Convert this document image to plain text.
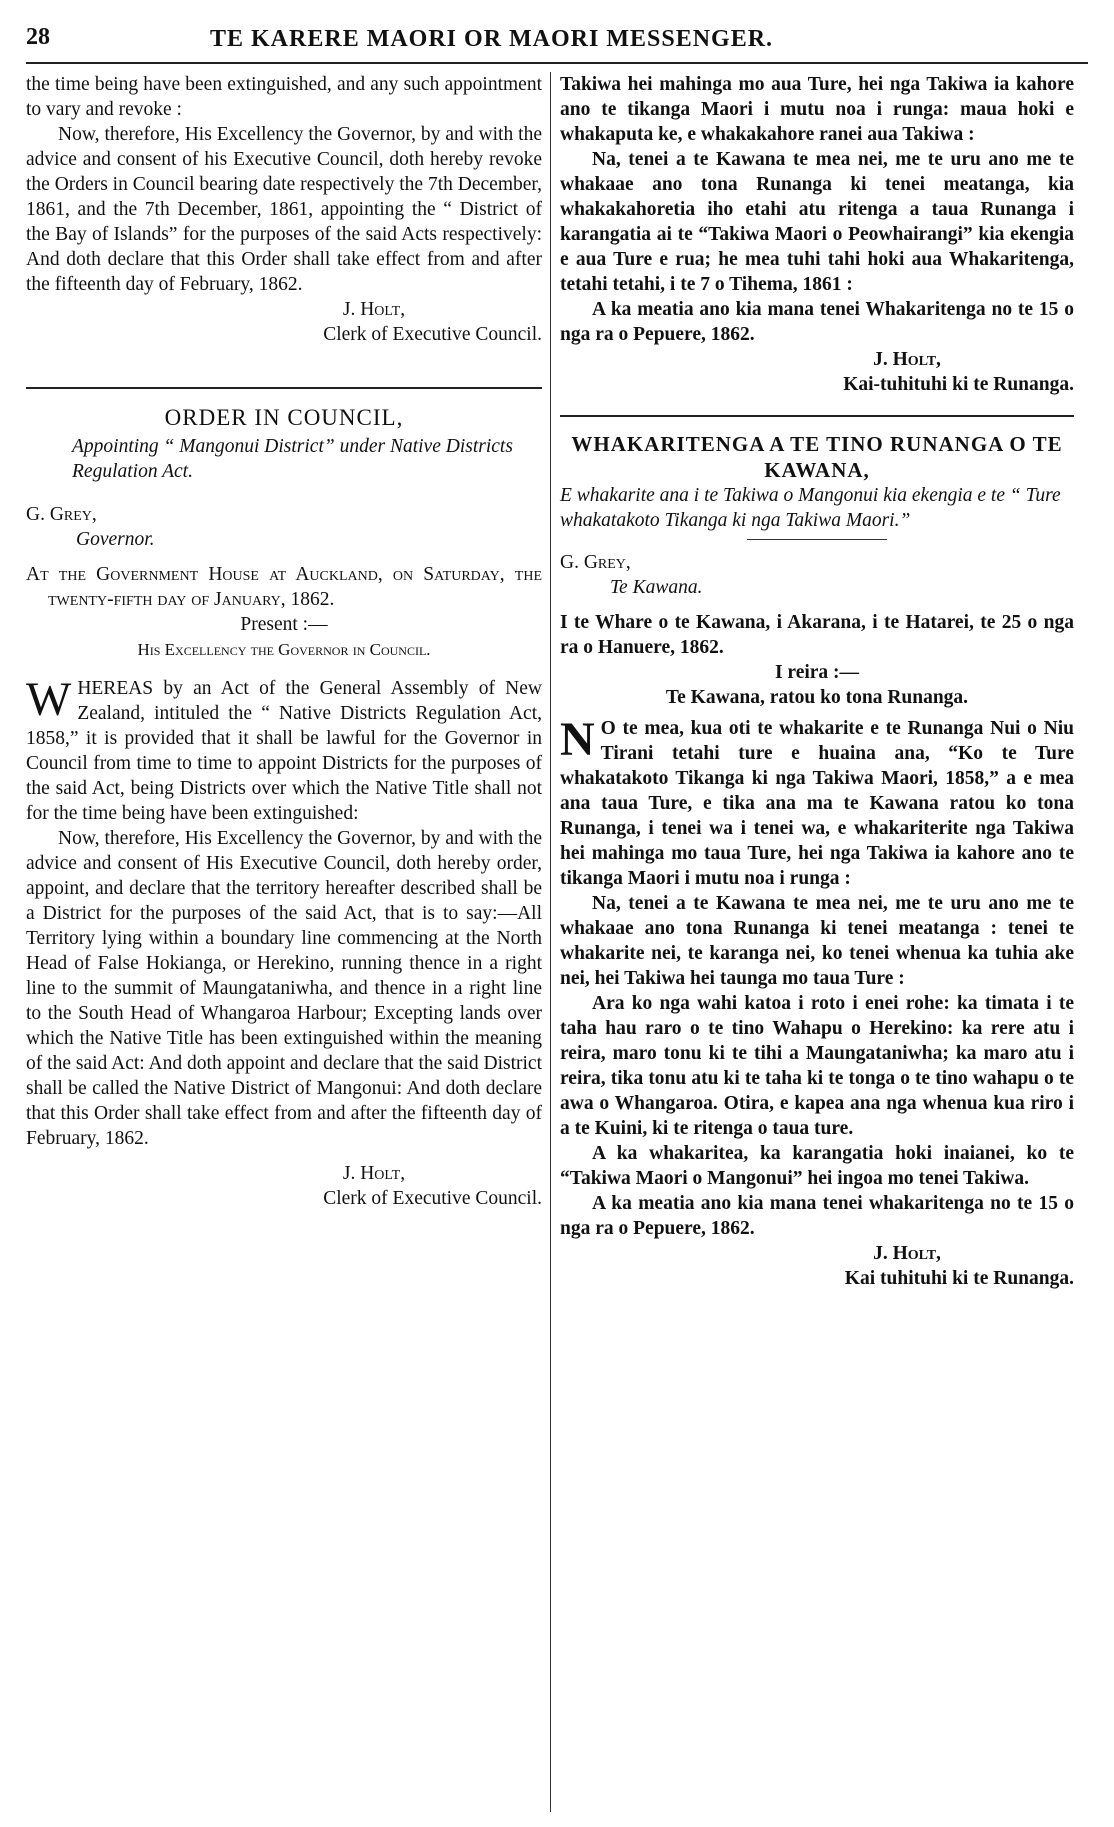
28	TE KARERE MAORI OR MAORI MESSENGER.

the time being have been extinguished, and any such appointment to vary and revoke :

Now, therefore, His Excellency the Governor, by and with the advice and consent of his Executive Council, doth hereby revoke the Orders in Council bearing date respectively the 7th December, 1861, and the 7th December, 1861, appointing the “ District of the Bay of Islands” for the purposes of the said Acts respectively: And doth declare that this Order shall take effect from and after the fifteenth day of February, 1862.

J. Holt,

Clerk of Executive Council.

ORDER IN COUNCIL,

Appointing “ Mangonui District” under Native Districts Regulation Act.

G. Grey,

Governor.

At the Government House at Auckland, on Saturday, the twenty-fifth day of January, 1862.

Present :—

His Excellency the Governor in Council.

WHEREAS by an Act of the General Assembly of New Zealand, intituled the “ Native Districts Regulation Act, 1858,” it is provided that it shall be lawful for the Governor in Council from time to time to appoint Districts for the purposes of the said Act, being Districts over which the Native Title shall not for the time being have been extinguished:

Now, therefore, His Excellency the Governor, by and with the advice and consent of His Executive Council, doth hereby order, appoint, and declare that the territory hereafter described shall be a District for the purposes of the said Act, that is to say:—All Territory lying within a boundary line commencing at the North Head of False Hokianga, or Herekino, running thence in a right line to the summit of Maungataniwha, and thence in a right line to the South Head of Whangaroa Harbour; Excepting lands over which the Native Title has been extinguished within the meaning of the said Act: And doth appoint and declare that the said District shall be called the Native District of Mangonui: And doth declare that this Order shall take effect from and after the fifteenth day of February, 1862.

J. Holt,

Clerk of Executive Council.

Takiwa hei mahinga mo aua Ture, hei nga Takiwa ia kahore ano te tikanga Maori i mutu noa i runga: maua hoki e whakaputa ke, e whakakahore ranei aua Takiwa :

Na, tenei a te Kawana te mea nei, me te uru ano me te whakaae ano tona Runanga ki tenei meatanga, kia whakakahoretia iho etahi atu ritenga a taua Runanga i karangatia ai te “Takiwa Maori o Peowhairangi” kia ekengia e aua Ture e rua; he mea tuhi tahi hoki aua Whakaritenga, tetahi tetahi, i te 7 o Tihema, 1861 :

A ka meatia ano kia mana tenei Whakaritenga no te 15 o nga ra o Pepuere, 1862.

J. Holt,

Kai-tuhituhi ki te Runanga.

WHAKARITENGA A TE TINO RUNANGA O TE KAWANA,

E whakarite ana i te Takiwa o Mangonui kia ekengia e te “ Ture whakatakoto Tikanga ki nga Takiwa Maori.”

G. Grey,

Te Kawana.

I te Whare o te Kawana, i Akarana, i te Hatarei, te 25 o nga ra o Hanuere, 1862.

I reira :—

Te Kawana, ratou ko tona Runanga.

N O te mea, kua oti te whakarite e te Runanga Nui o Niu Tirani tetahi ture e huaina ana, “Ko te Ture whakatakoto Tikanga ki nga Takiwa Maori, 1858,” a e mea ana taua Ture, e tika ana ma te Kawana ratou ko tona Runanga, i tenei wa i tenei wa, e whakariterite nga Takiwa hei mahinga mo taua Ture, hei nga Takiwa ia kahore ano te tikanga Maori i mutu noa i runga :

Na, tenei a te Kawana te mea nei, me te uru ano me te whakaae ano tona Runanga ki tenei meatanga : tenei te whakarite nei, te karanga nei, ko tenei whenua ka tuhia ake nei, hei Takiwa hei taunga mo taua Ture :

Ara ko nga wahi katoa i roto i enei rohe: ka timata i te taha hau raro o te tino Wahapu o Herekino: ka rere atu i reira, maro tonu ki te tihi a Maungataniwha; ka maro atu i reira, tika tonu atu ki te taha ki te tonga o te tino wahapu o te awa o Whangaroa. Otira, e kapea ana nga whenua kua riro i a te Kuini, ki te ritenga o taua ture.

A ka whakaritea, ka karangatia hoki inaianei, ko te “Takiwa Maori o Mangonui” hei ingoa mo tenei Takiwa.

A ka meatia ano kia mana tenei whakaritenga no te 15 o nga ra o Pepuere, 1862.

J. Holt,

Kai tuhituhi ki te Runanga.
